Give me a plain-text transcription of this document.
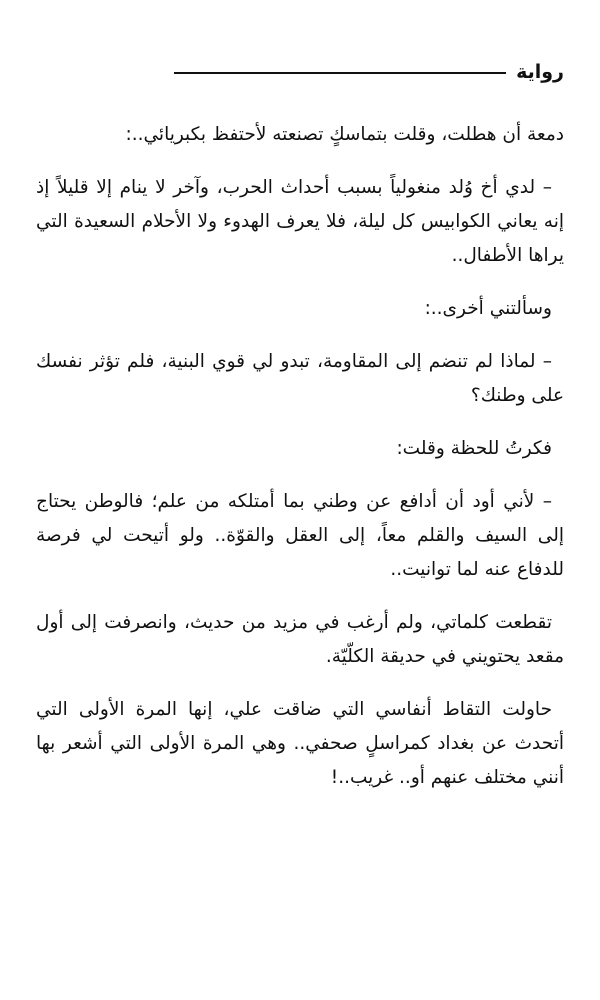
رواية

دمعة أن هطلت، وقلت بتماسكٍ تصنعته لأحتفظ بكبريائي..:

– لدي أخ وُلد منغولياً بسبب أحداث الحرب، وآخر لا ينام إلا قليلاً إذ إنه يعاني الكوابيس كل ليلة، فلا يعرف الهدوء ولا الأحلام السعيدة التي يراها الأطفال..

وسألتني أخرى..:

– لماذا لم تنضم إلى المقاومة، تبدو لي قوي البنية، فلم تؤثر نفسك على وطنك؟

فكرتُ للحظة وقلت:

– لأني أود أن أدافع عن وطني بما أمتلكه من علم؛ فالوطن يحتاج إلى السيف والقلم معاً، إلى العقل والقوّة.. ولو أتيحت لي فرصة للدفاع عنه لما توانيت..

تقطعت كلماتي، ولم أرغب في مزيد من حديث، وانصرفت إلى أول مقعد يحتويني في حديقة الكلّيّة.

حاولت التقاط أنفاسي التي ضاقت علي، إنها المرة الأولى التي أتحدث عن بغداد كمراسلٍ صحفي.. وهي المرة الأولى التي أشعر بها أنني مختلف عنهم أو.. غريب..!
